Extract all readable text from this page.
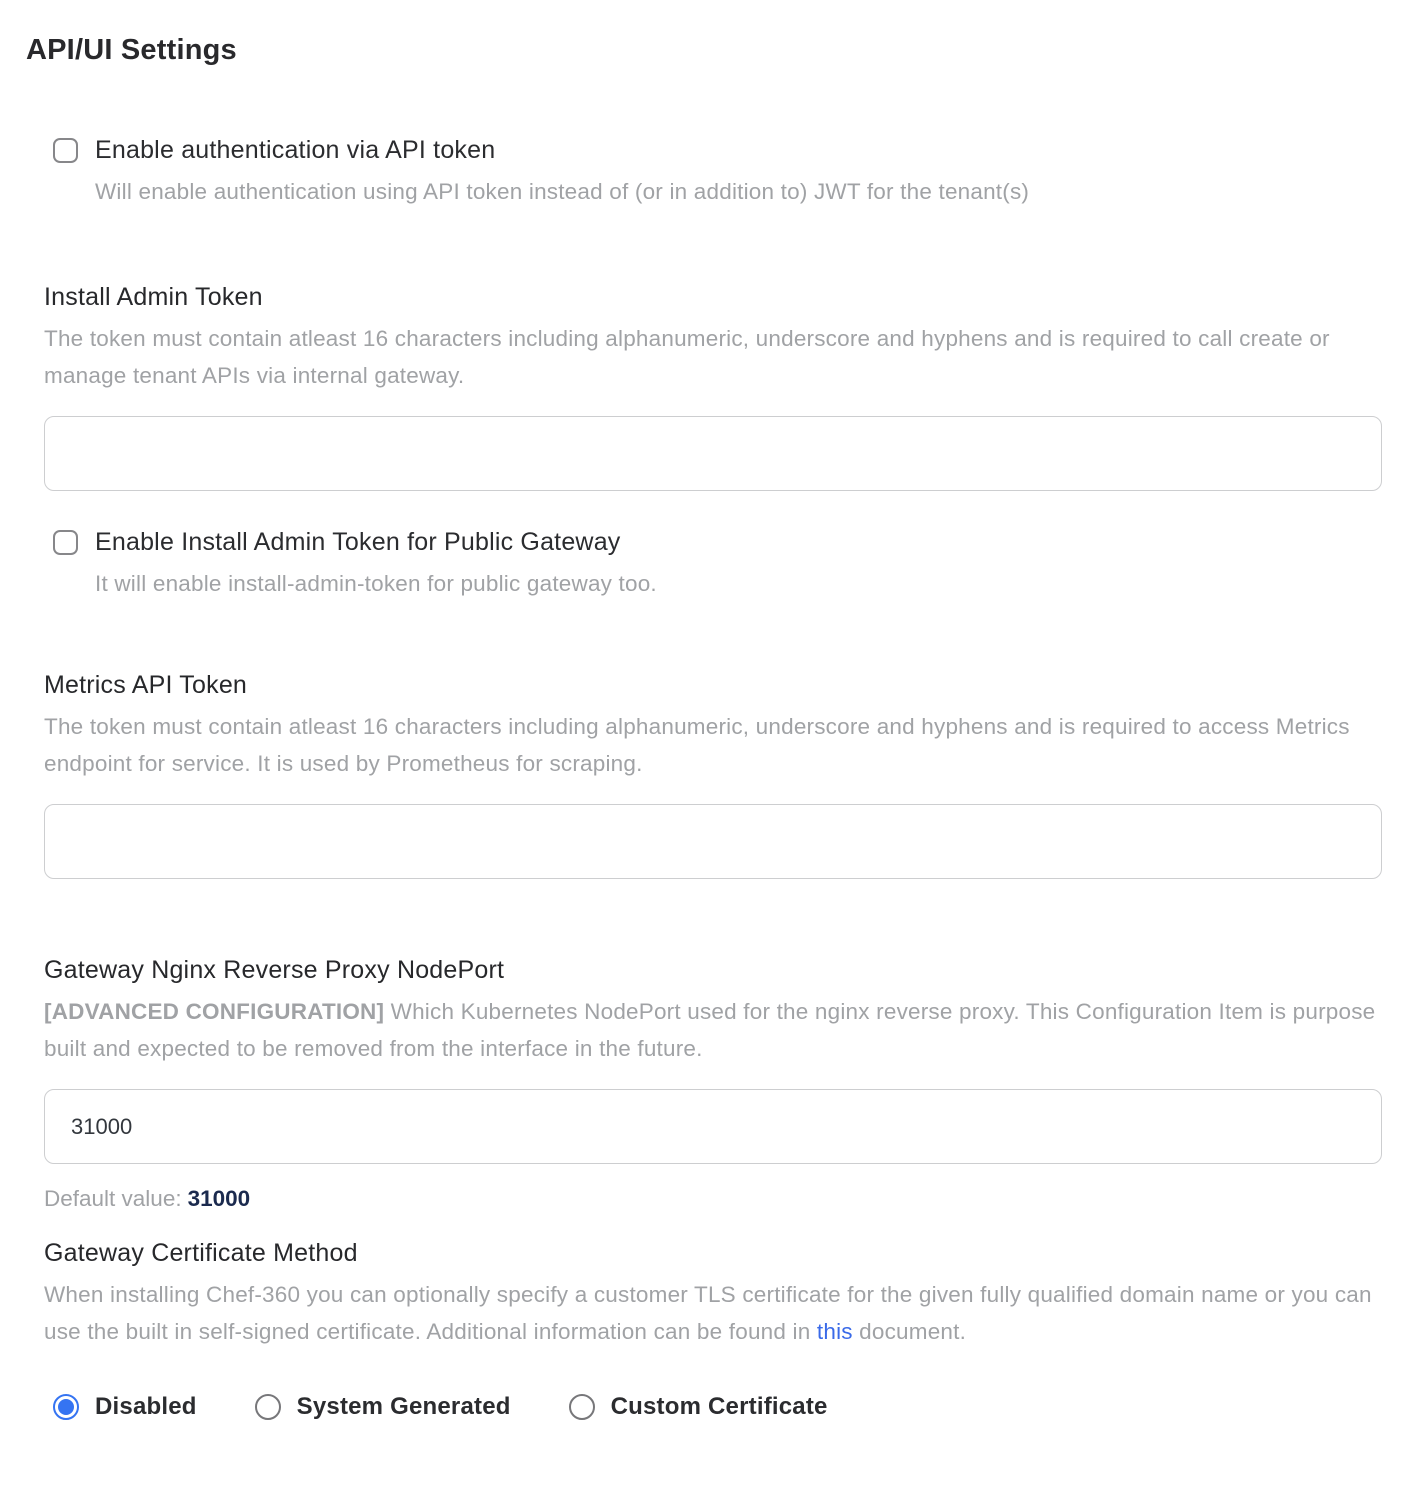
API/UI Settings
Enable authentication via API token
Will enable authentication using API token instead of (or in addition to) JWT for the tenant(s)
Install Admin Token
The token must contain atleast 16 characters including alphanumeric, underscore and hyphens and is required to call create or manage tenant APIs via internal gateway.
Enable Install Admin Token for Public Gateway
It will enable install-admin-token for public gateway too.
Metrics API Token
The token must contain atleast 16 characters including alphanumeric, underscore and hyphens and is required to access Metrics endpoint for service. It is used by Prometheus for scraping.
Gateway Nginx Reverse Proxy NodePort
[ADVANCED CONFIGURATION] Which Kubernetes NodePort used for the nginx reverse proxy. This Configuration Item is purpose built and expected to be removed from the interface in the future.
31000
Default value: 31000
Gateway Certificate Method
When installing Chef-360 you can optionally specify a customer TLS certificate for the given fully qualified domain name or you can use the built in self-signed certificate. Additional information can be found in this document.
Disabled	System Generated	Custom Certificate
